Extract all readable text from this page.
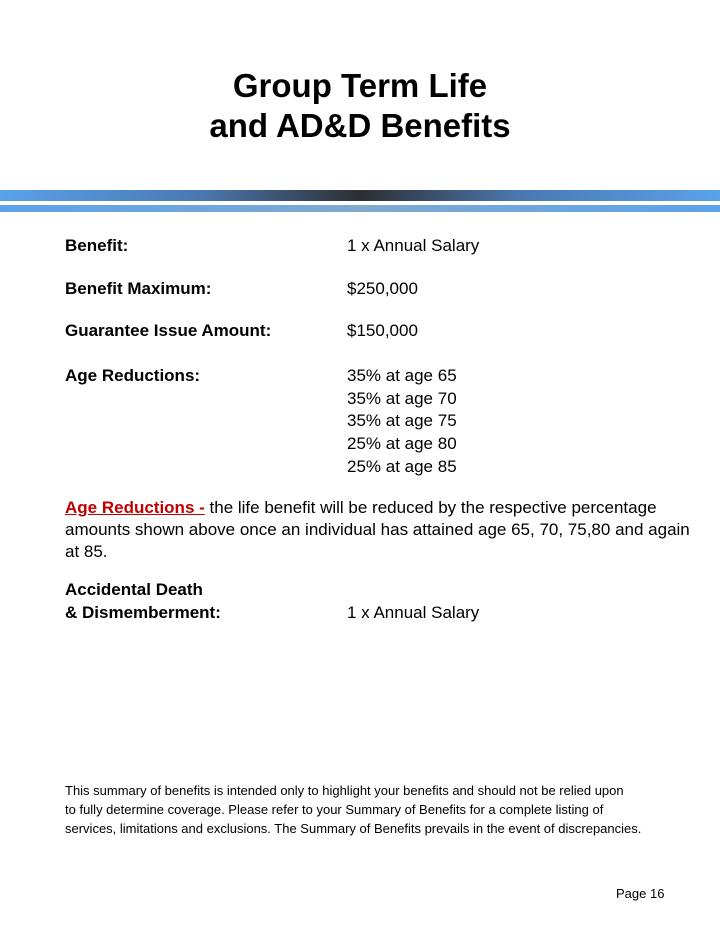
Group Term Life
and AD&D Benefits
Benefit:	1 x Annual Salary
Benefit Maximum:	$250,000
Guarantee Issue Amount:	$150,000
Age Reductions:	35% at age 65
35% at age 70
35% at age 75
25% at age 80
25% at age 85
Age Reductions - the life benefit will be reduced by the respective percentage amounts shown above once an individual has attained age 65, 70, 75,80 and again at 85.
Accidental Death
& Dismemberment:	1 x Annual Salary
This summary of benefits is intended only to highlight your benefits and should not be relied upon
to fully determine coverage. Please refer to your Summary of Benefits for a complete listing of
services, limitations and exclusions. The Summary of Benefits prevails in the event of discrepancies.
Page 16
